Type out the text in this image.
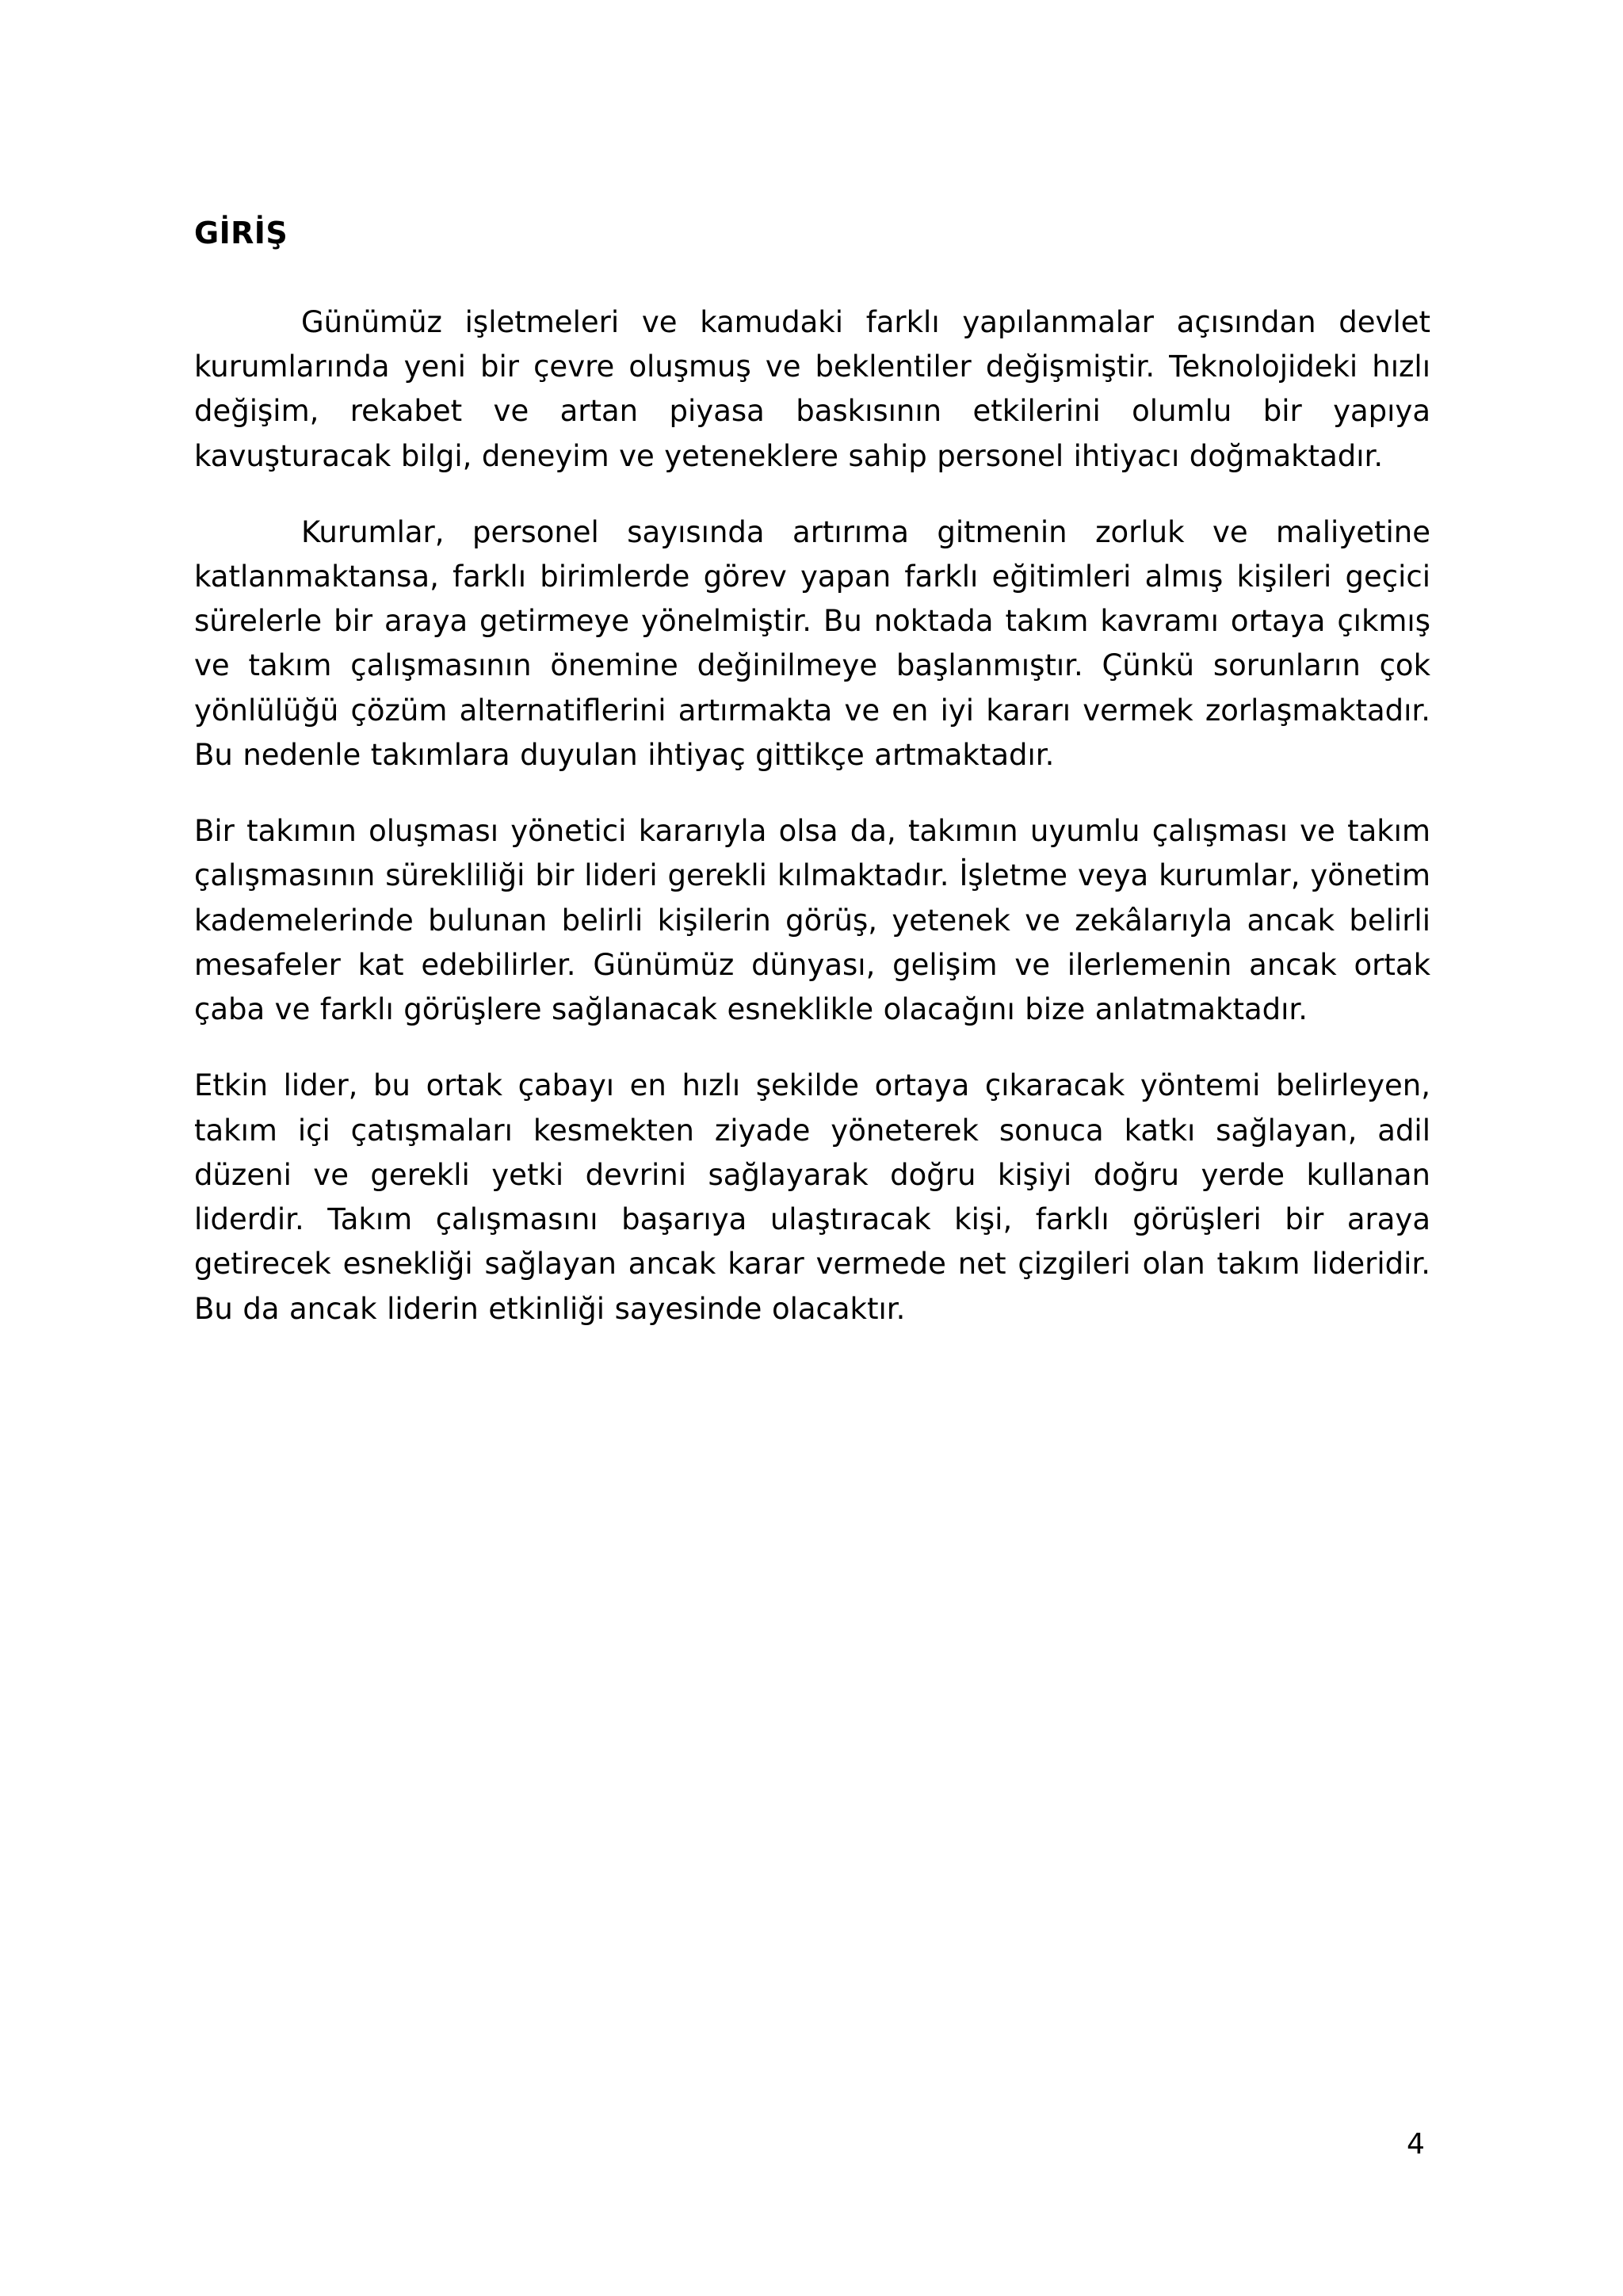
GİRİŞ

Günümüz işletmeleri ve kamudaki farklı yapılanmalar açısından devlet kurumlarında yeni bir çevre oluşmuş ve beklentiler değişmiştir. Teknolojideki hızlı değişim, rekabet ve artan piyasa baskısının etkilerini olumlu bir yapıya kavuşturacak bilgi, deneyim ve yeteneklere sahip personel ihtiyacı doğmaktadır.

Kurumlar, personel sayısında artırıma gitmenin zorluk ve maliyetine katlanmaktansa, farklı birimlerde görev yapan farklı eğitimleri almış kişileri geçici sürelerle bir araya getirmeye yönelmiştir. Bu noktada takım kavramı ortaya çıkmış ve takım çalışmasının önemine değinilmeye başlanmıştır. Çünkü sorunların çok yönlülüğü çözüm alternatiflerini artırmakta ve en iyi kararı vermek zorlaşmaktadır. Bu nedenle takımlara duyulan ihtiyaç gittikçe artmaktadır.

Bir takımın oluşması yönetici kararıyla olsa da, takımın uyumlu çalışması ve takım çalışmasının sürekliliği bir lideri gerekli kılmaktadır. İşletme veya kurumlar, yönetim kademelerinde bulunan belirli kişilerin görüş, yetenek ve zekâlarıyla ancak belirli mesafeler kat edebilirler. Günümüz dünyası, gelişim ve ilerlemenin ancak ortak çaba ve farklı görüşlere sağlanacak esneklikle olacağını bize anlatmaktadır.

Etkin lider, bu ortak çabayı en hızlı şekilde ortaya çıkaracak yöntemi belirleyen, takım içi çatışmaları kesmekten ziyade yöneterek sonuca katkı sağlayan, adil düzeni ve gerekli yetki devrini sağlayarak doğru kişiyi doğru yerde kullanan liderdir. Takım çalışmasını başarıya ulaştıracak kişi, farklı görüşleri bir araya getirecek esnekliği sağlayan ancak karar vermede net çizgileri olan takım lideridir. Bu da ancak liderin etkinliği sayesinde olacaktır.

4
